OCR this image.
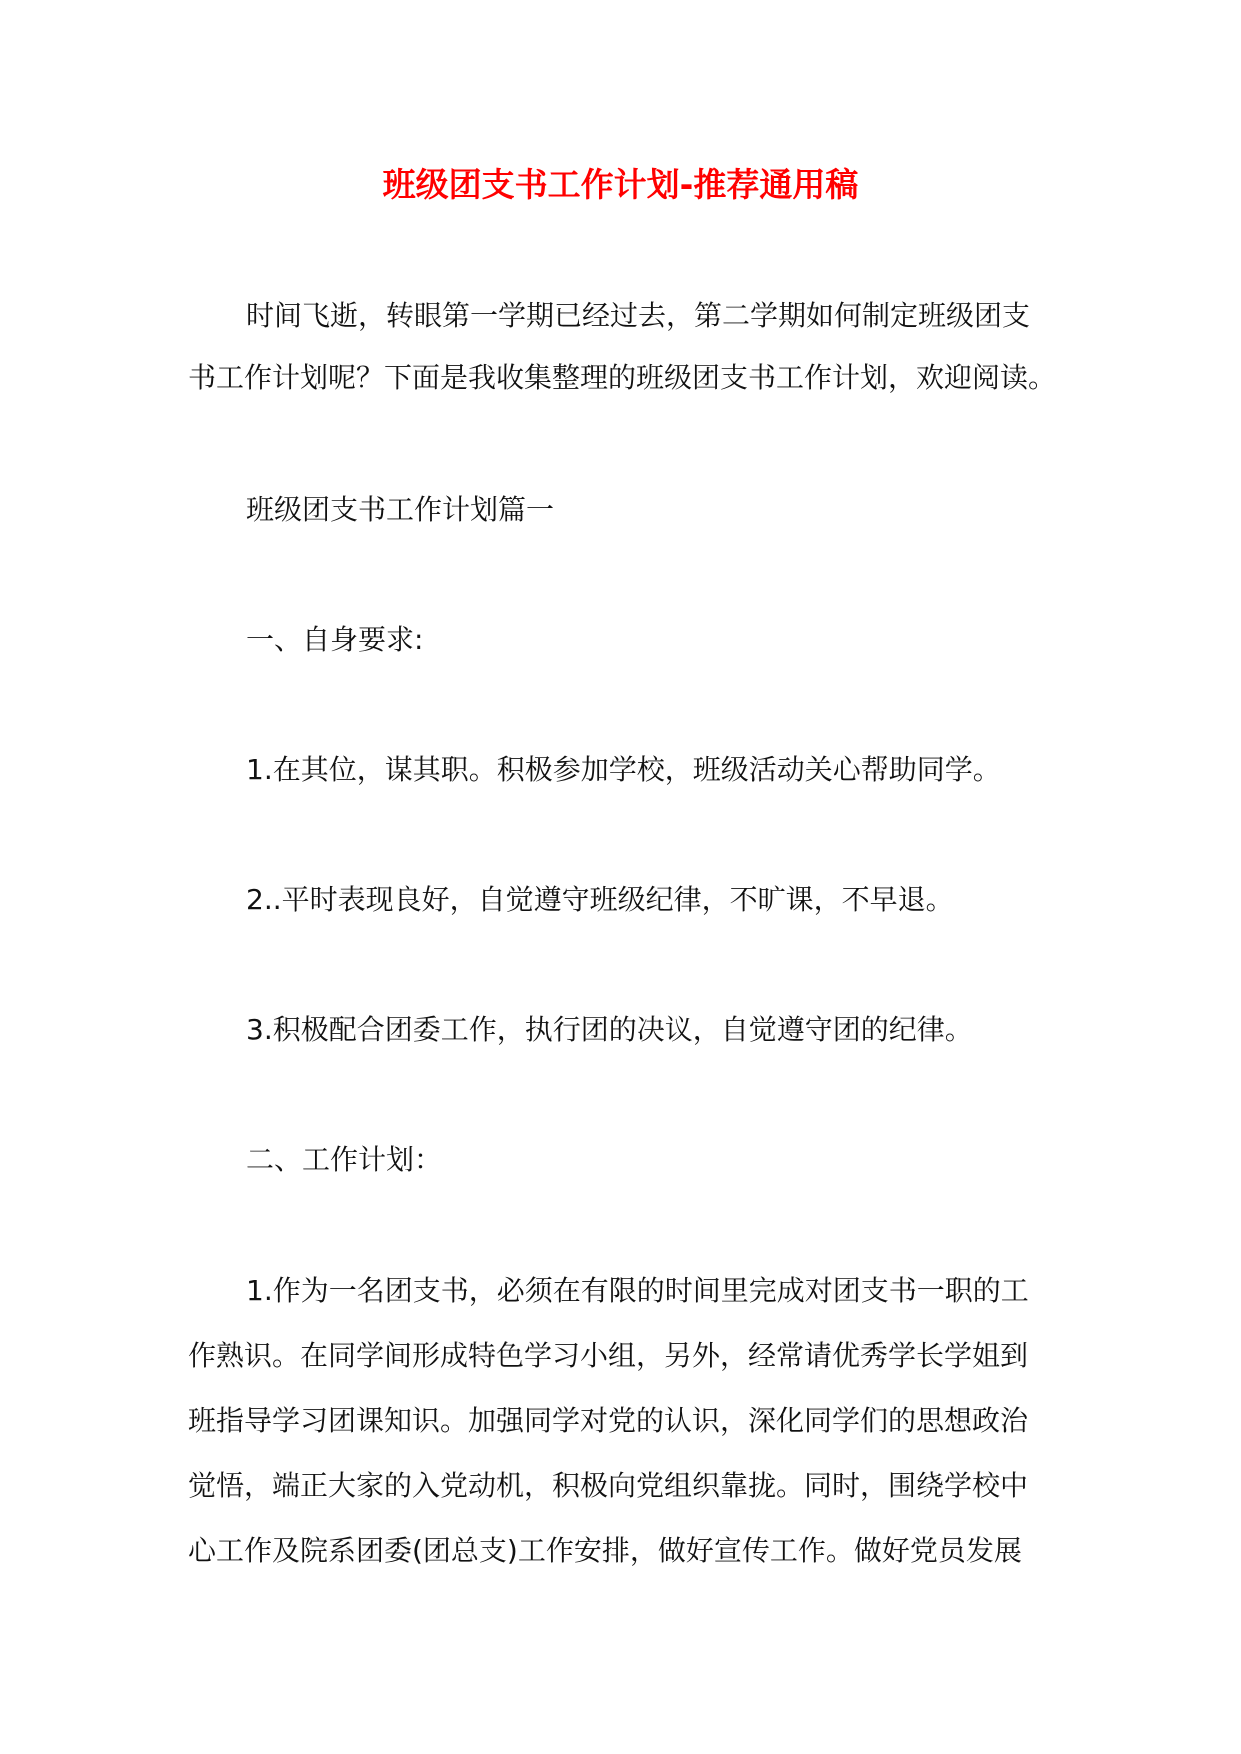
班级团支书工作计划-推荐通用稿
时间飞逝，转眼第一学期已经过去，第二学期如何制定班级团支
书工作计划呢？下面是我收集整理的班级团支书工作计划，欢迎阅读。
班级团支书工作计划篇一
一、自身要求:
1.在其位，谋其职。积极参加学校，班级活动关心帮助同学。
2..平时表现良好，自觉遵守班级纪律，不旷课，不早退。
3.积极配合团委工作，执行团的决议，自觉遵守团的纪律。
二、工作计划：
1.作为一名团支书，必须在有限的时间里完成对团支书一职的工
作熟识。在同学间形成特色学习小组，另外，经常请优秀学长学姐到
班指导学习团课知识。加强同学对党的认识，深化同学们的思想政治
觉悟，端正大家的入党动机，积极向党组织靠拢。同时，围绕学校中
心工作及院系团委(团总支)工作安排，做好宣传工作。做好党员发展
